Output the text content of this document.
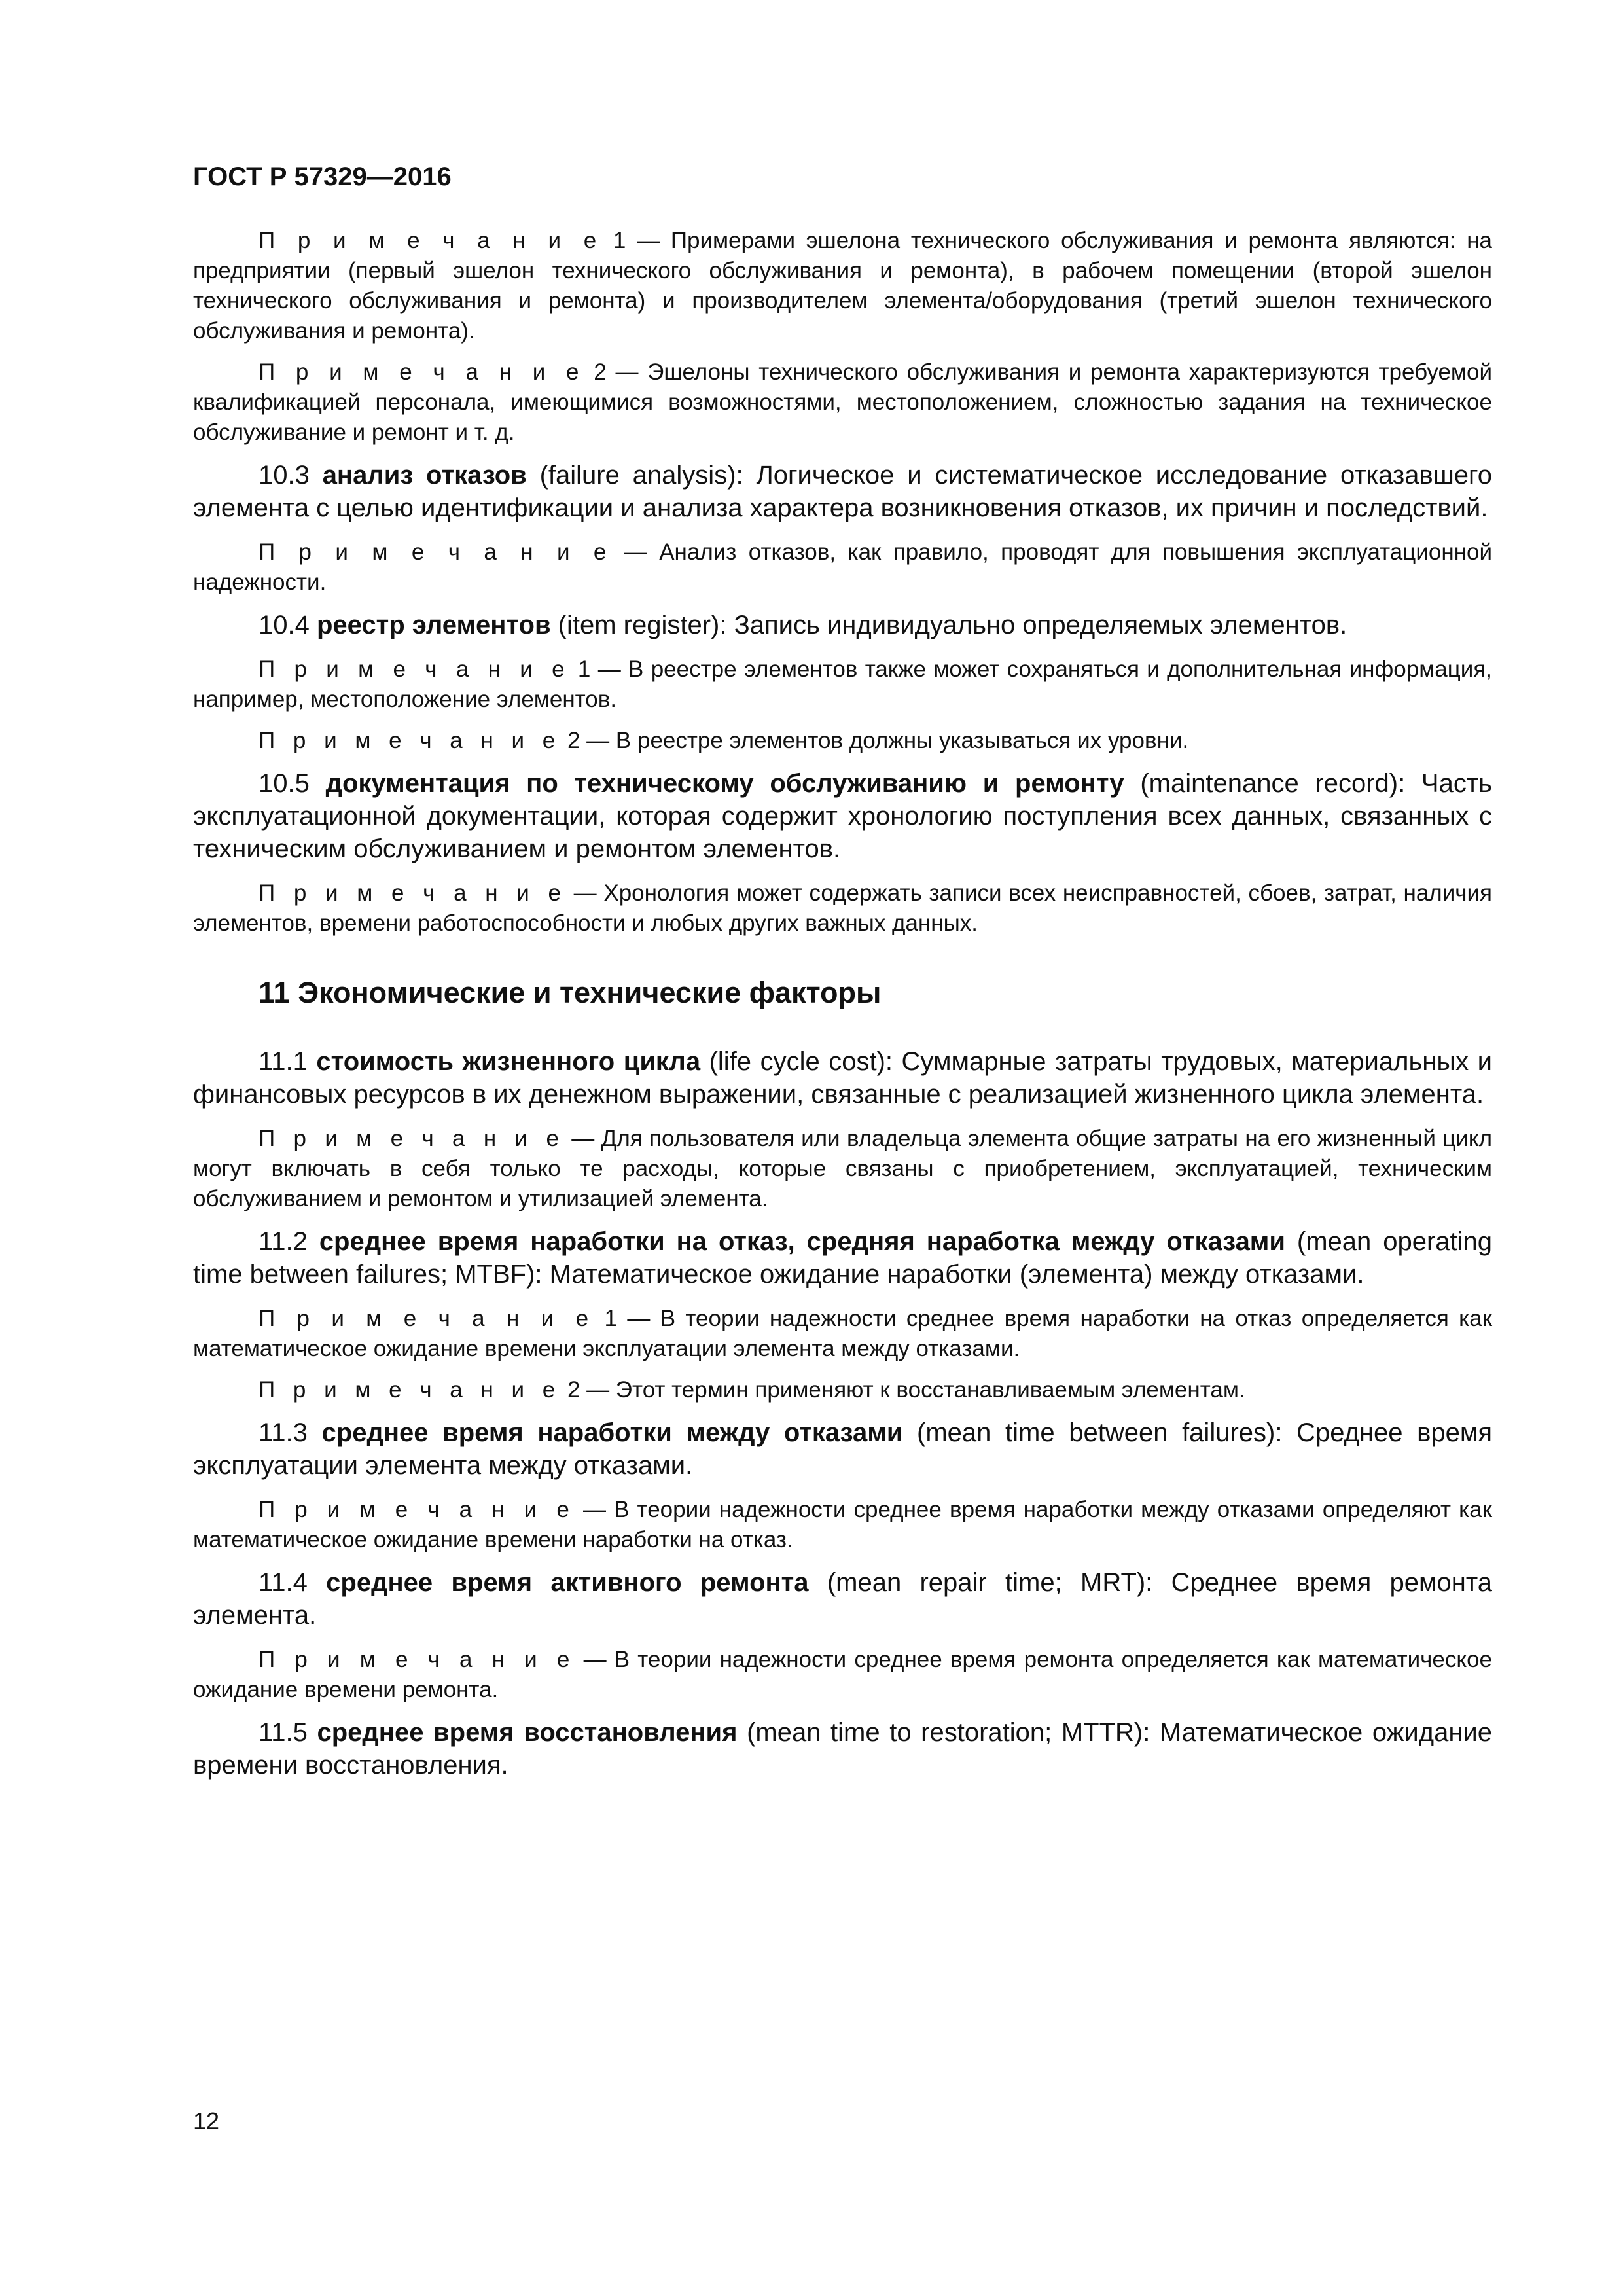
ГОСТ Р 57329—2016

П р и м е ч а н и е 1 — Примерами эшелона технического обслуживания и ремонта являются: на предприятии (первый эшелон технического обслуживания и ремонта), в рабочем помещении (второй эшелон технического обслуживания и ремонта) и производителем элемента/оборудования (третий эшелон технического обслуживания и ремонта).

П р и м е ч а н и е 2 — Эшелоны технического обслуживания и ремонта характеризуются требуемой квалификацией персонала, имеющимися возможностями, местоположением, сложностью задания на техническое обслуживание и ремонт и т. д.

10.3 анализ отказов (failure analysis): Логическое и систематическое исследование отказавшего элемента с целью идентификации и анализа характера возникновения отказов, их причин и последствий.

П р и м е ч а н и е — Анализ отказов, как правило, проводят для повышения эксплуатационной надежности.

10.4 реестр элементов (item register): Запись индивидуально определяемых элементов.

П р и м е ч а н и е 1 — В реестре элементов также может сохраняться и дополнительная информация, например, местоположение элементов.

П р и м е ч а н и е 2 — В реестре элементов должны указываться их уровни.

10.5 документация по техническому обслуживанию и ремонту (maintenance record): Часть эксплуатационной документации, которая содержит хронологию поступления всех данных, связанных с техническим обслуживанием и ремонтом элементов.

П р и м е ч а н и е — Хронология может содержать записи всех неисправностей, сбоев, затрат, наличия элементов, времени работоспособности и любых других важных данных.

11 Экономические и технические факторы

11.1 стоимость жизненного цикла (life cycle cost): Суммарные затраты трудовых, материальных и финансовых ресурсов в их денежном выражении, связанные с реализацией жизненного цикла элемента.

П р и м е ч а н и е — Для пользователя или владельца элемента общие затраты на его жизненный цикл могут включать в себя только те расходы, которые связаны с приобретением, эксплуатацией, техническим обслуживанием и ремонтом и утилизацией элемента.

11.2 среднее время наработки на отказ, средняя наработка между отказами (mean operating time between failures; MTBF): Математическое ожидание наработки (элемента) между отказами.

П р и м е ч а н и е 1 — В теории надежности среднее время наработки на отказ определяется как математическое ожидание времени эксплуатации элемента между отказами.

П р и м е ч а н и е 2 — Этот термин применяют к восстанавливаемым элементам.

11.3 среднее время наработки между отказами (mean time between failures): Среднее время эксплуатации элемента между отказами.

П р и м е ч а н и е — В теории надежности среднее время наработки между отказами определяют как математическое ожидание времени наработки на отказ.

11.4 среднее время активного ремонта (mean repair time; MRT): Среднее время ремонта элемента.

П р и м е ч а н и е — В теории надежности среднее время ремонта определяется как математическое ожидание времени ремонта.

11.5 среднее время восстановления (mean time to restoration; MTTR): Математическое ожидание времени восстановления.

12
